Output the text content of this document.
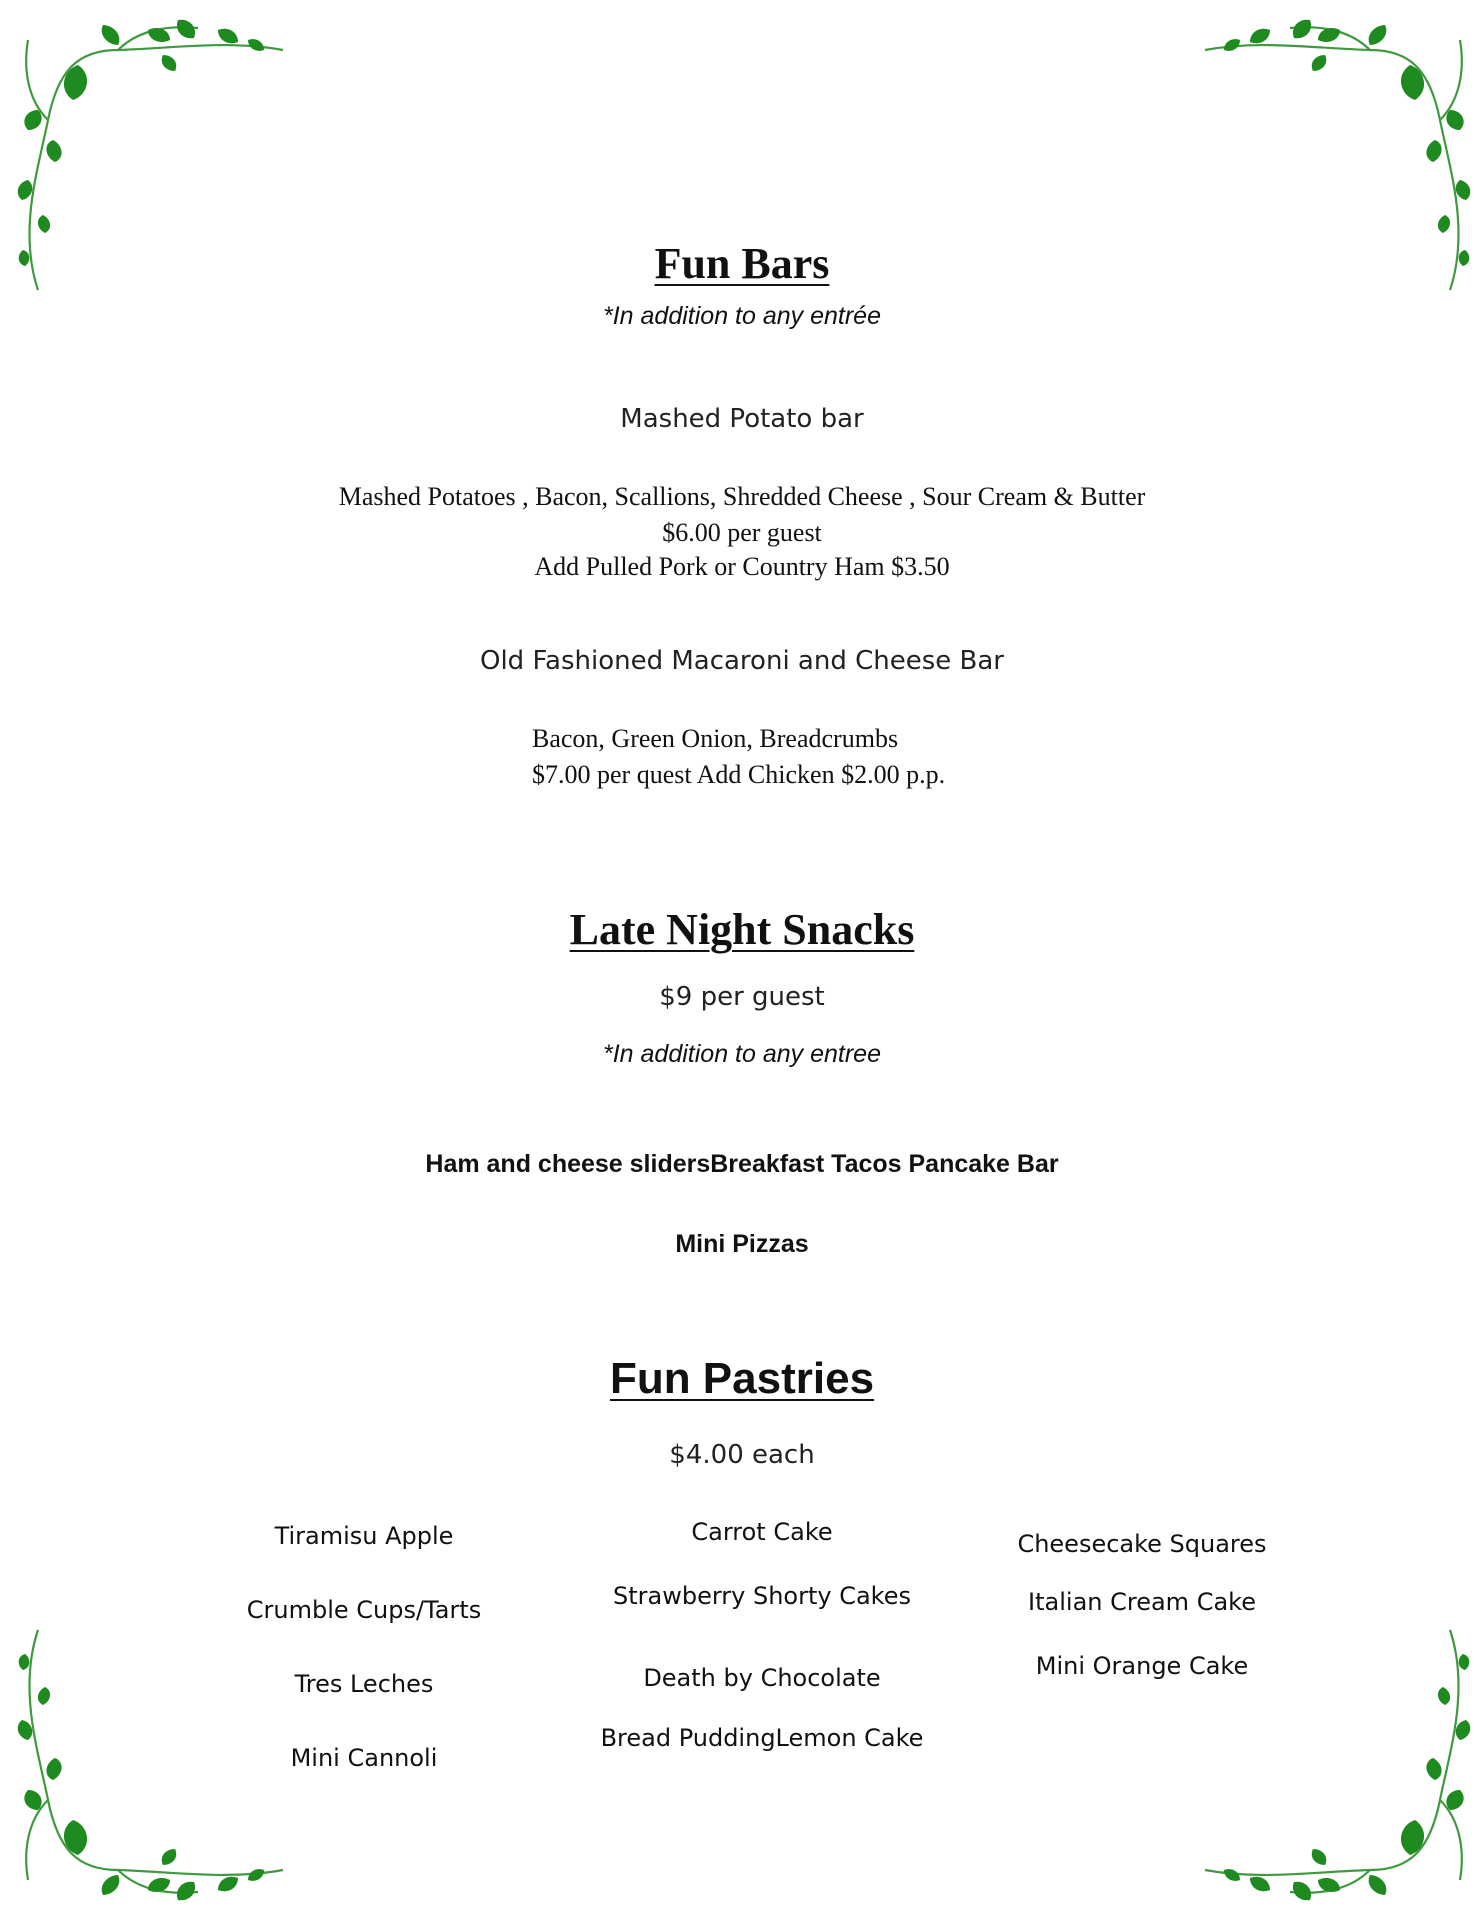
Fun Bars
*In addition to any entrée
Mashed Potato bar
Mashed Potatoes , Bacon, Scallions, Shredded Cheese , Sour Cream & Butter
$6.00 per guest
Add Pulled Pork or Country Ham $3.50
Old Fashioned Macaroni and Cheese Bar
Bacon, Green Onion, Breadcrumbs
$7.00 per quest Add Chicken $2.00 p.p.
Late Night Snacks
$9 per guest
*In addition to any entree
Ham and cheese slidersBreakfast Tacos Pancake Bar
Mini Pizzas
Fun Pastries
$4.00 each
Tiramisu Apple
Crumble Cups/Tarts
Tres Leches
Mini Cannoli
Carrot Cake
Strawberry Shorty Cakes
Death by Chocolate
Bread PuddingLemon Cake
Cheesecake Squares
Italian Cream Cake
Mini Orange Cake
